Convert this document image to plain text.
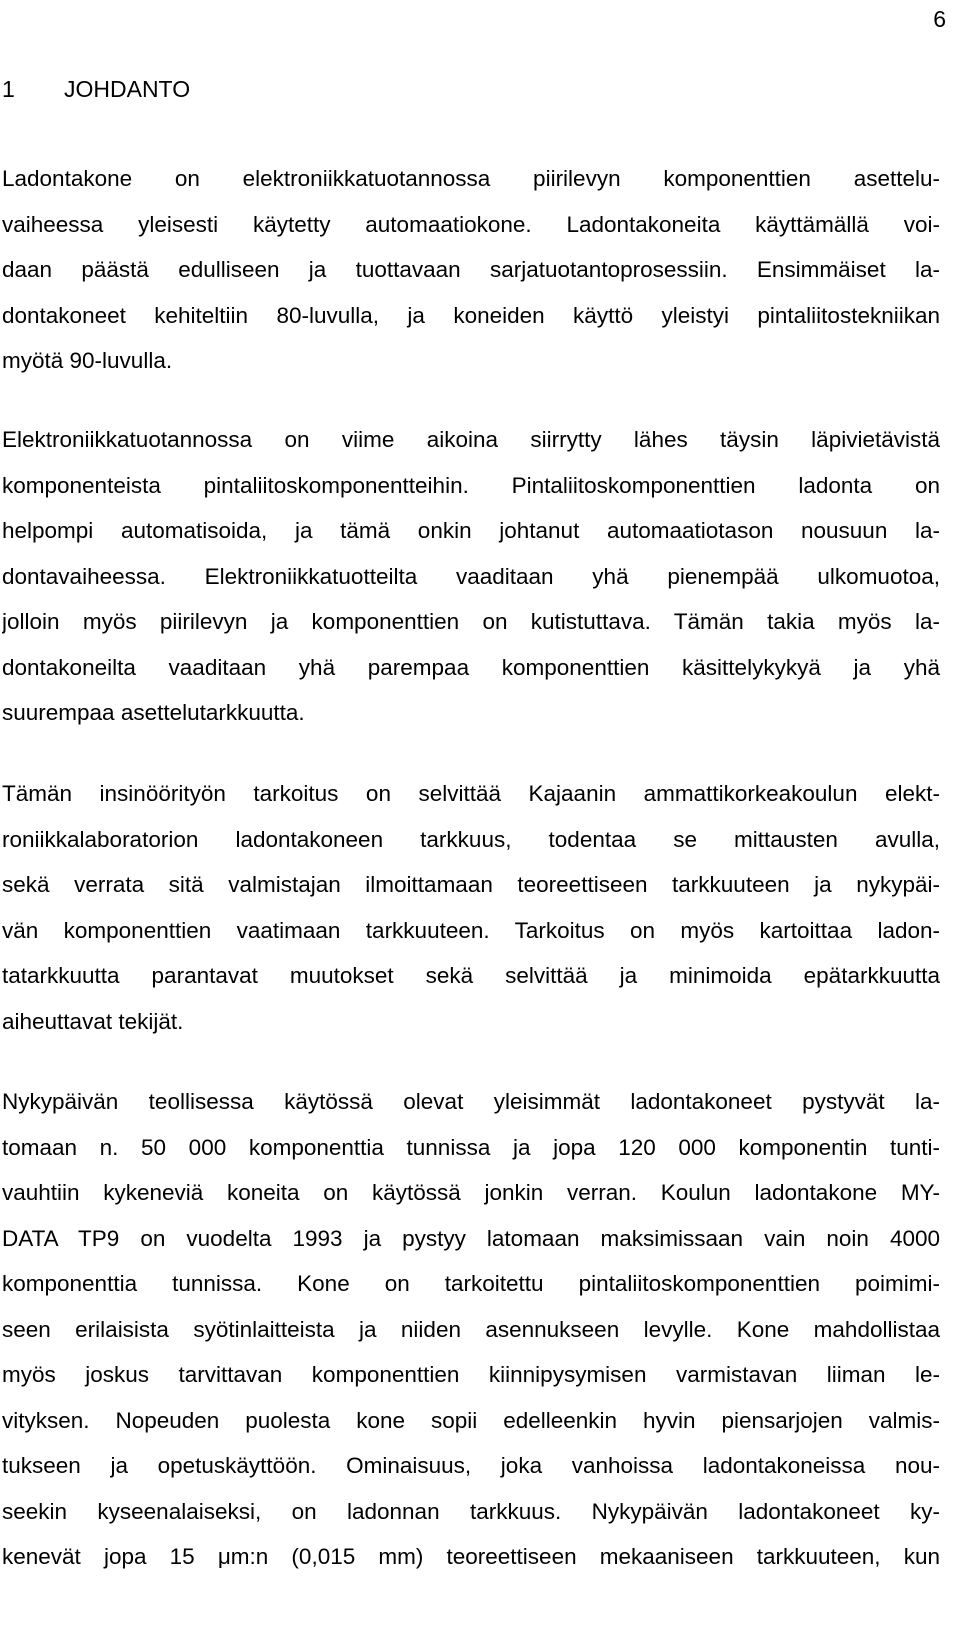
6
1 JOHDANTO

Ladontakone on elektroniikkatuotannossa piirilevyn komponenttien asettelu-
vaiheessa yleisesti käytetty automaatiokone. Ladontakoneita käyttämällä voi-
daan päästä edulliseen ja tuottavaan sarjatuotantoprosessiin. Ensimmäiset la-
dontakoneet kehiteltiin 80-luvulla, ja koneiden käyttö yleistyi pintaliitostekniikan
myötä 90-luvulla.

Elektroniikkatuotannossa on viime aikoina siirrytty lähes täysin läpivietävistä
komponenteista pintaliitoskomponentteihin. Pintaliitoskomponenttien ladonta on
helpompi automatisoida, ja tämä onkin johtanut automaatiotason nousuun la-
dontavaiheessa. Elektroniikkatuotteilta vaaditaan yhä pienempää ulkomuotoa,
jolloin myös piirilevyn ja komponenttien on kutistuttava. Tämän takia myös la-
dontakoneilta vaaditaan yhä parempaa komponenttien käsittelykykyä ja yhä
suurempaa asettelutarkkuutta.

Tämän insinöörityön tarkoitus on selvittää Kajaanin ammattikorkeakoulun elekt-
roniikkalaboratorion ladontakoneen tarkkuus, todentaa se mittausten avulla,
sekä verrata sitä valmistajan ilmoittamaan teoreettiseen tarkkuuteen ja nykypäi-
vän komponenttien vaatimaan tarkkuuteen. Tarkoitus on myös kartoittaa ladon-
tatarkkuutta parantavat muutokset sekä selvittää ja minimoida epätarkkuutta
aiheuttavat tekijät.

Nykypäivän teollisessa käytössä olevat yleisimmät ladontakoneet pystyvät la-
tomaan n. 50 000 komponenttia tunnissa ja jopa 120 000 komponentin tunti-
vauhtiin kykeneviä koneita on käytössä jonkin verran. Koulun ladontakone MY-
DATA TP9 on vuodelta 1993 ja pystyy latomaan maksimissaan vain noin 4000
komponenttia tunnissa. Kone on tarkoitettu pintaliitoskomponenttien poimimi-
seen erilaisista syötinlaitteista ja niiden asennukseen levylle. Kone mahdollistaa
myös joskus tarvittavan komponenttien kiinnipysymisen varmistavan liiman le-
vityksen. Nopeuden puolesta kone sopii edelleenkin hyvin piensarjojen valmis-
tukseen ja opetuskäyttöön. Ominaisuus, joka vanhoissa ladontakoneissa nou-
seekin kyseenalaiseksi, on ladonnan tarkkuus. Nykypäivän ladontakoneet ky-
kenevät jopa 15 μm:n (0,015 mm) teoreettiseen mekaaniseen tarkkuuteen, kun
